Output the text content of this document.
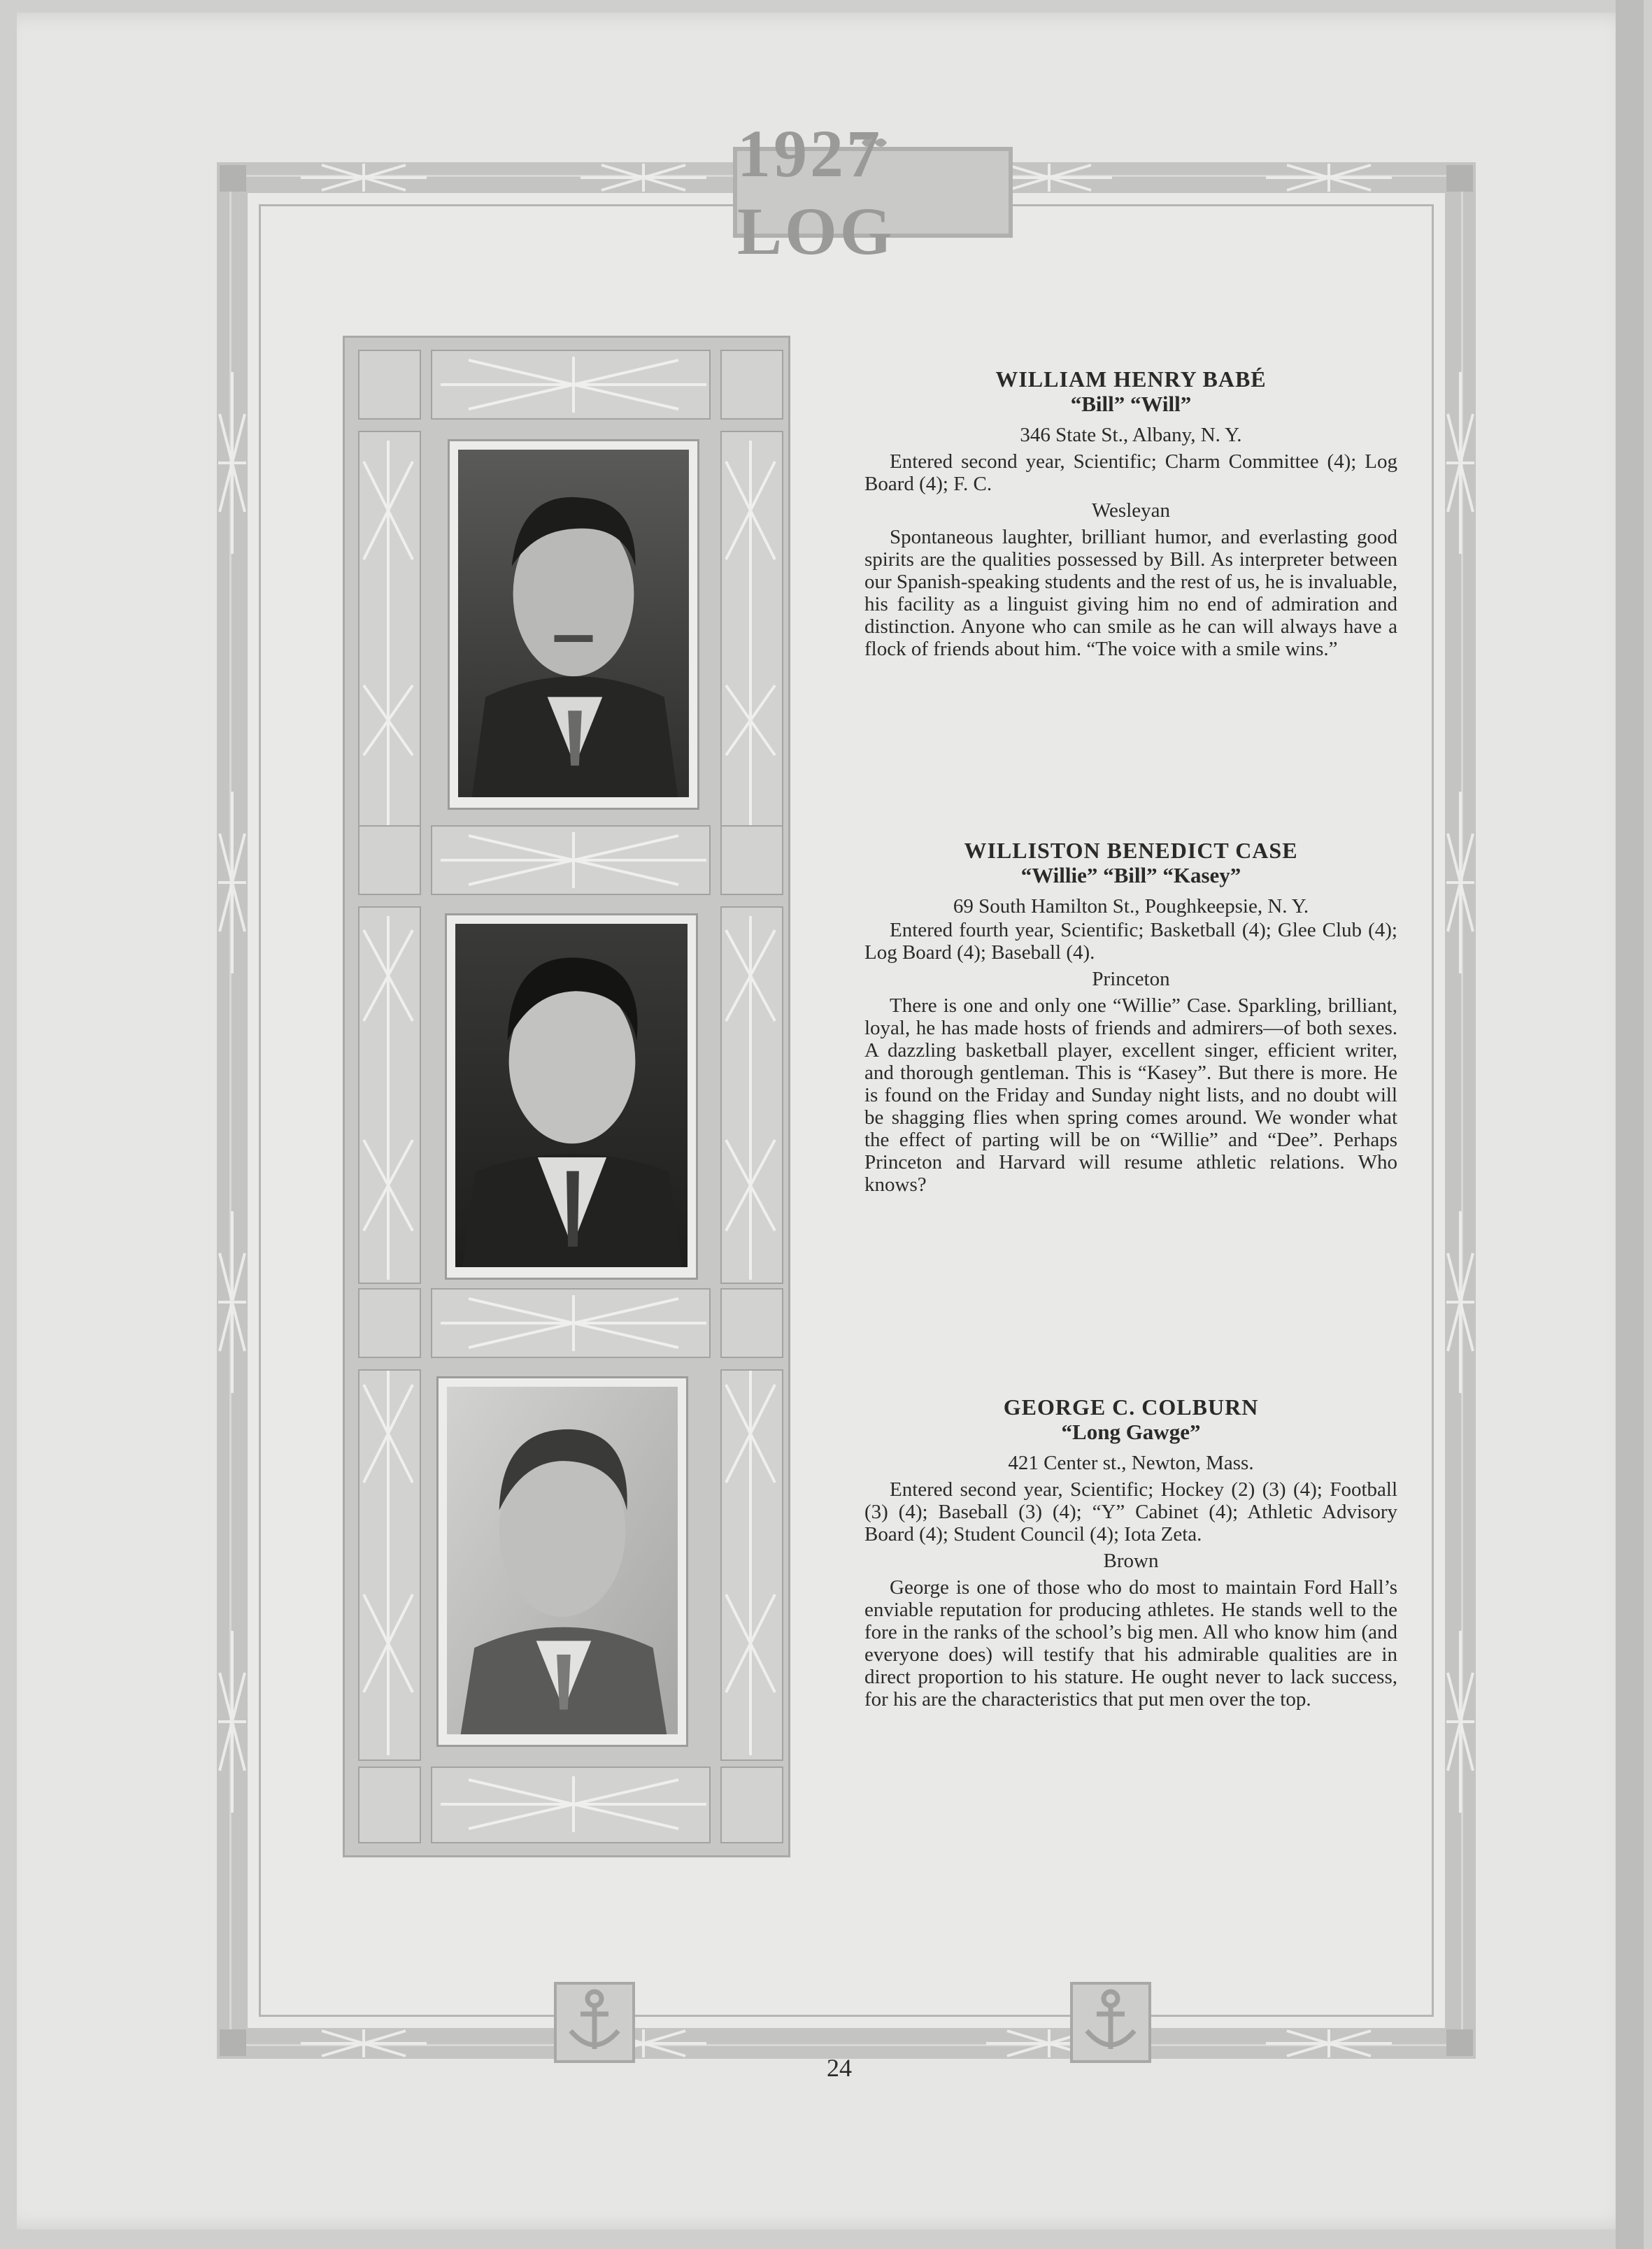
1927 LOG
WILLIAM HENRY BABÉ
“Bill” “Will”
346 State St., Albany, N. Y.
Entered second year, Scientific; Charm Committee (4); Log Board (4); F. C.
Wesleyan
Spontaneous laughter, brilliant humor, and everlasting good spirits are the qualities possessed by Bill. As interpreter between our Spanish-speaking students and the rest of us, he is invaluable, his facility as a linguist giving him no end of admiration and distinction. Anyone who can smile as he can will always have a flock of friends about him. “The voice with a smile wins.”
WILLISTON BENEDICT CASE
“Willie” “Bill” “Kasey”
69 South Hamilton St., Poughkeepsie, N. Y.
Entered fourth year, Scientific; Basketball (4); Glee Club (4); Log Board (4); Baseball (4).
Princeton
There is one and only one “Willie” Case. Sparkling, brilliant, loyal, he has made hosts of friends and admirers—of both sexes. A dazzling basketball player, excellent singer, efficient writer, and thorough gentleman. This is “Kasey”. But there is more. He is found on the Friday and Sunday night lists, and no doubt will be shagging flies when spring comes around. We wonder what the effect of parting will be on “Willie” and “Dee”. Perhaps Princeton and Harvard will resume athletic relations. Who knows?
GEORGE C. COLBURN
“Long Gawge”
421 Center st., Newton, Mass.
Entered second year, Scientific; Hockey (2) (3) (4); Football (3) (4); Baseball (3) (4); “Y” Cabinet (4); Athletic Advisory Board (4); Student Council (4); Iota Zeta.
Brown
George is one of those who do most to maintain Ford Hall’s enviable reputation for producing athletes. He stands well to the fore in the ranks of the school’s big men. All who know him (and everyone does) will testify that his admirable qualities are in direct proportion to his stature. He ought never to lack success, for his are the characteristics that put men over the top.
24
